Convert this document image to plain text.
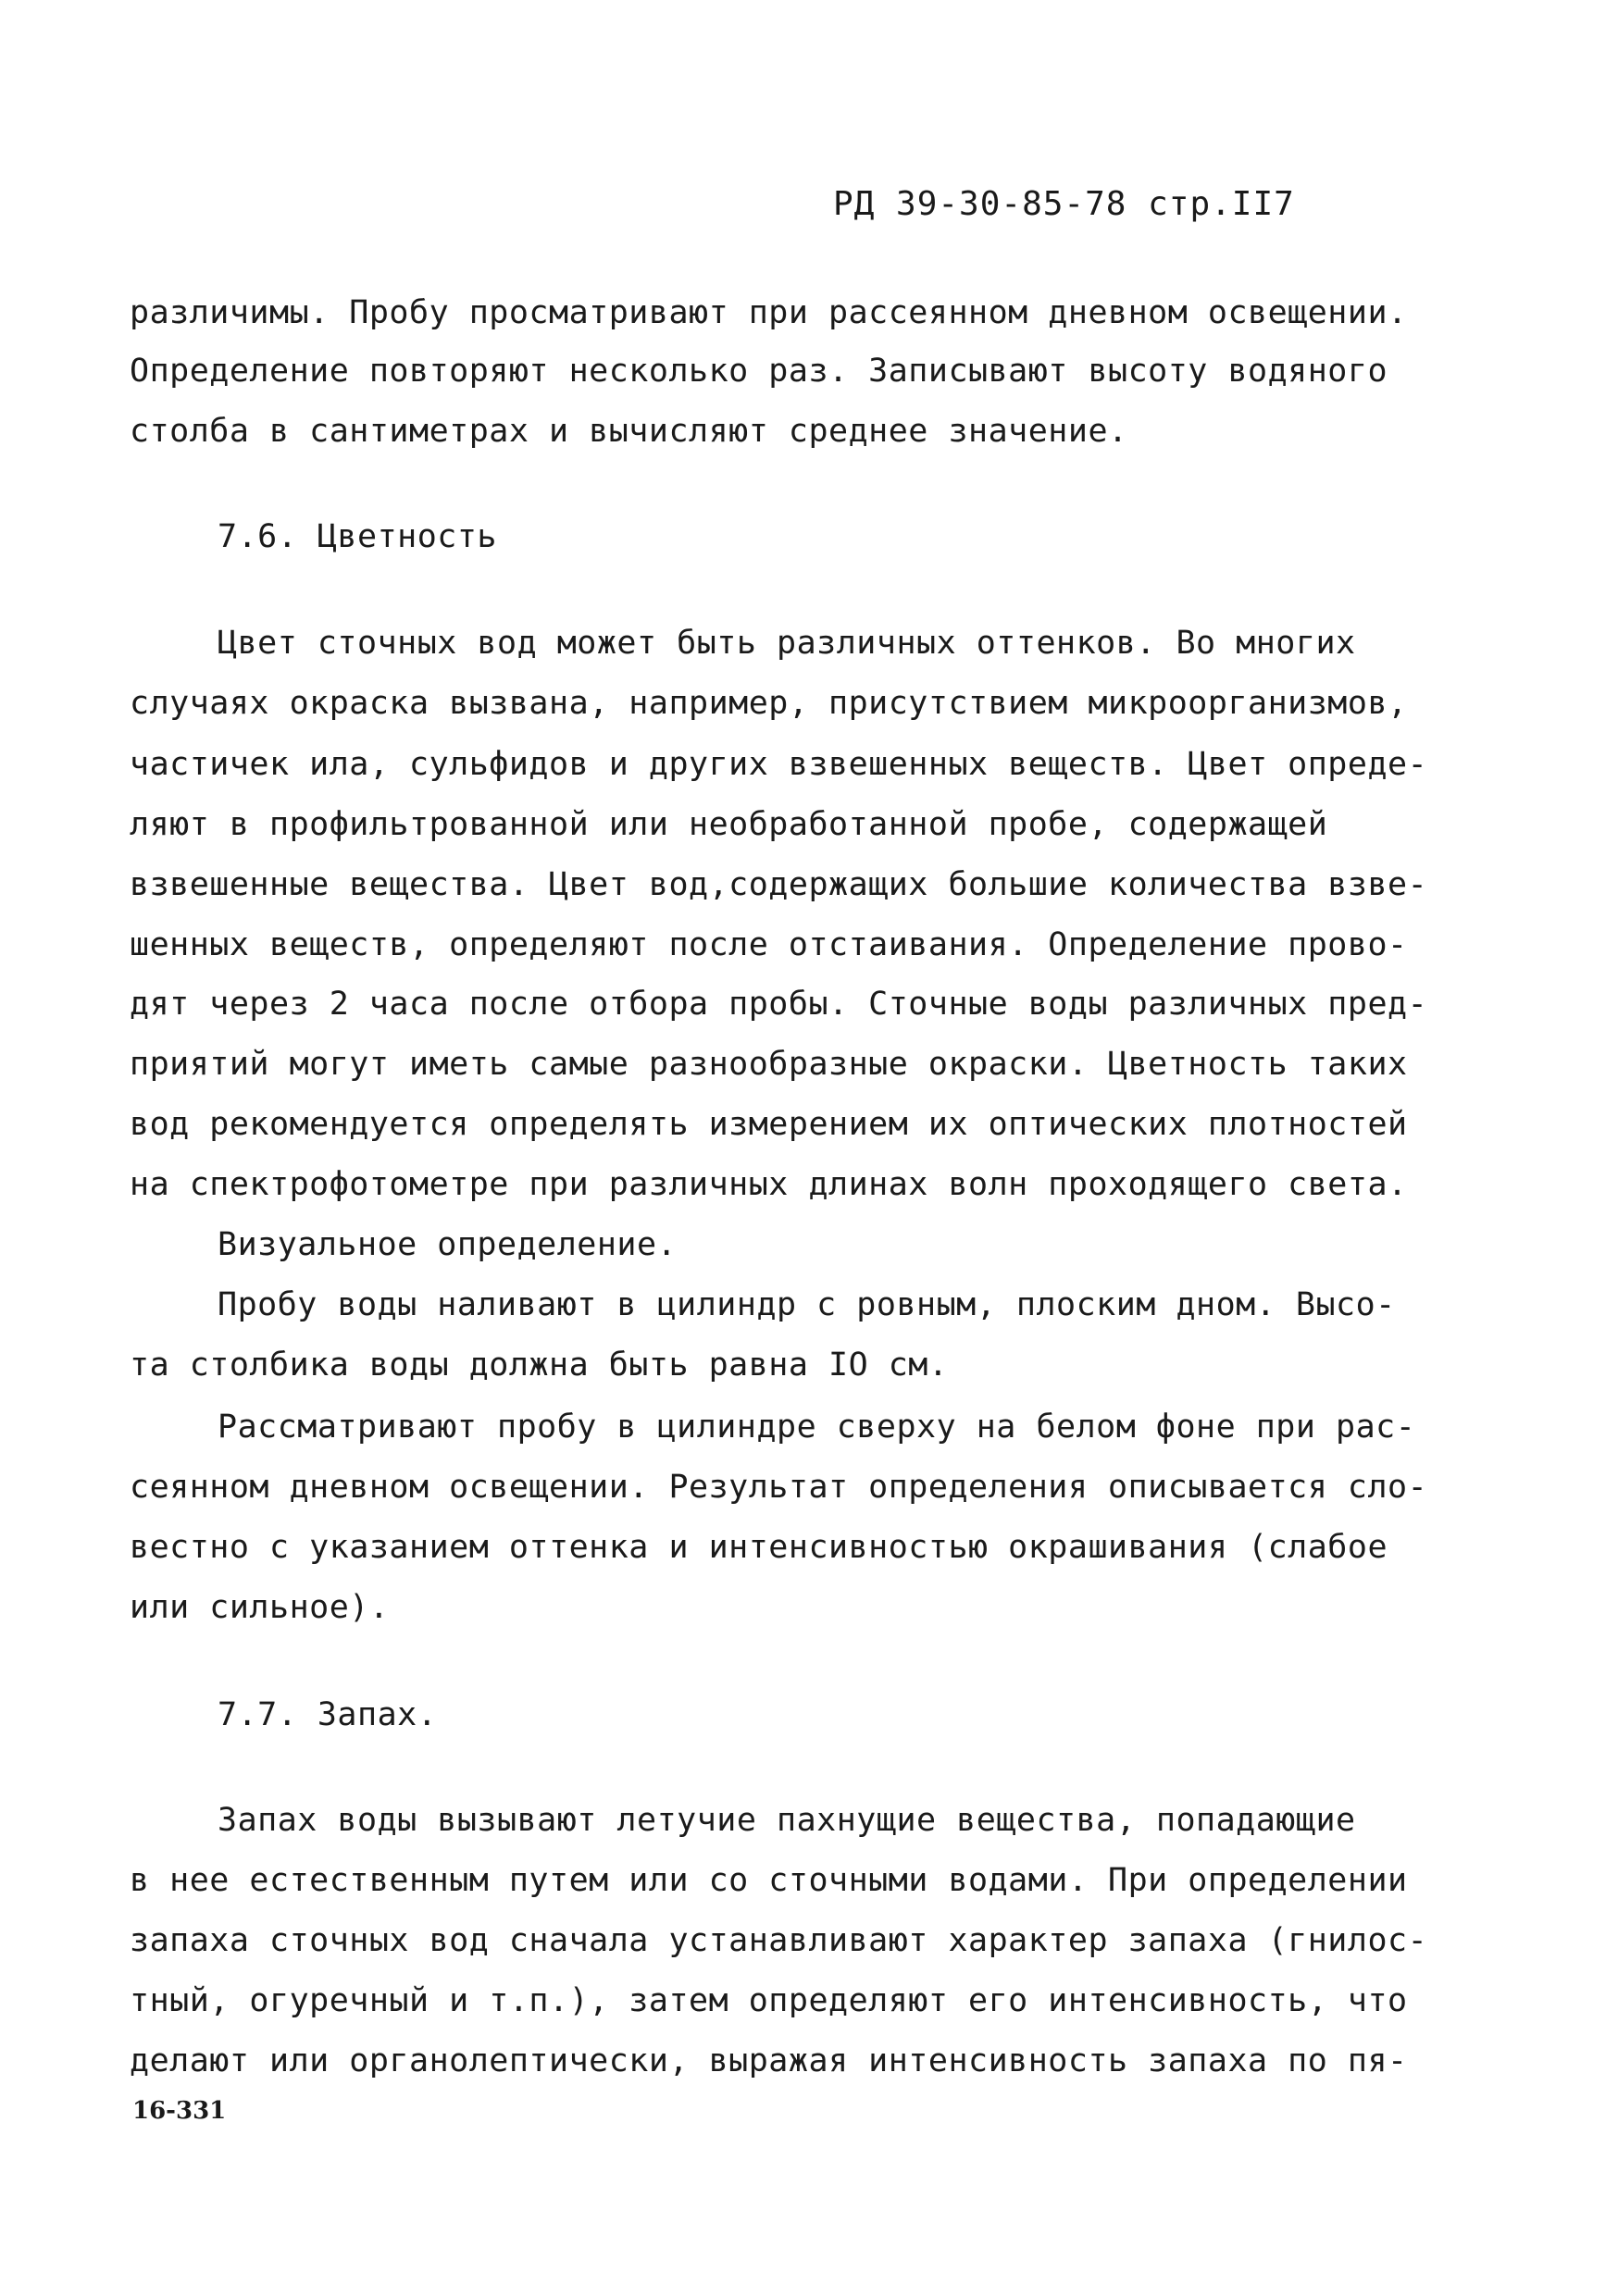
РД 39-30-85-78 стр.II7
различимы. Пробу просматривают при рассеянном дневном освещении.
Определение повторяют несколько раз. Записывают высоту водяного
столба в сантиметрах и вычисляют среднее значение.
7.6. Цветность
Цвет сточных вод может быть различных оттенков. Во многих
случаях окраска вызвана, например, присутствием микроорганизмов,
частичек ила, сульфидов и других взвешенных веществ. Цвет опреде-
ляют в профильтрованной или необработанной пробе, содержащей
взвешенные вещества. Цвет вод,содержащих большие количества взве-
шенных веществ, определяют после отстаивания. Определение прово-
дят через 2 часа после отбора пробы. Сточные воды различных пред-
приятий могут иметь самые разнообразные окраски. Цветность таких
вод рекомендуется определять измерением их оптических плотностей
на спектрофотометре при различных длинах волн проходящего света.
Визуальное определение.
Пробу воды наливают в цилиндр с ровным, плоским дном. Высо-
та столбика воды должна быть равна IO см.
Рассматривают пробу в цилиндре сверху на белом фоне при рас-
сеянном дневном освещении. Результат определения описывается сло-
вестно с указанием оттенка и интенсивностью окрашивания (слабое
или сильное).
7.7. Запах.
Запах воды вызывают летучие пахнущие вещества, попадающие
в нее естественным путем или со сточными водами. При определении
запаха сточных вод сначала устанавливают характер запаха (гнилос-
тный, огуречный и т.п.), затем определяют его интенсивность, что
делают или органолептически, выражая интенсивность запаха по пя-
16-331
